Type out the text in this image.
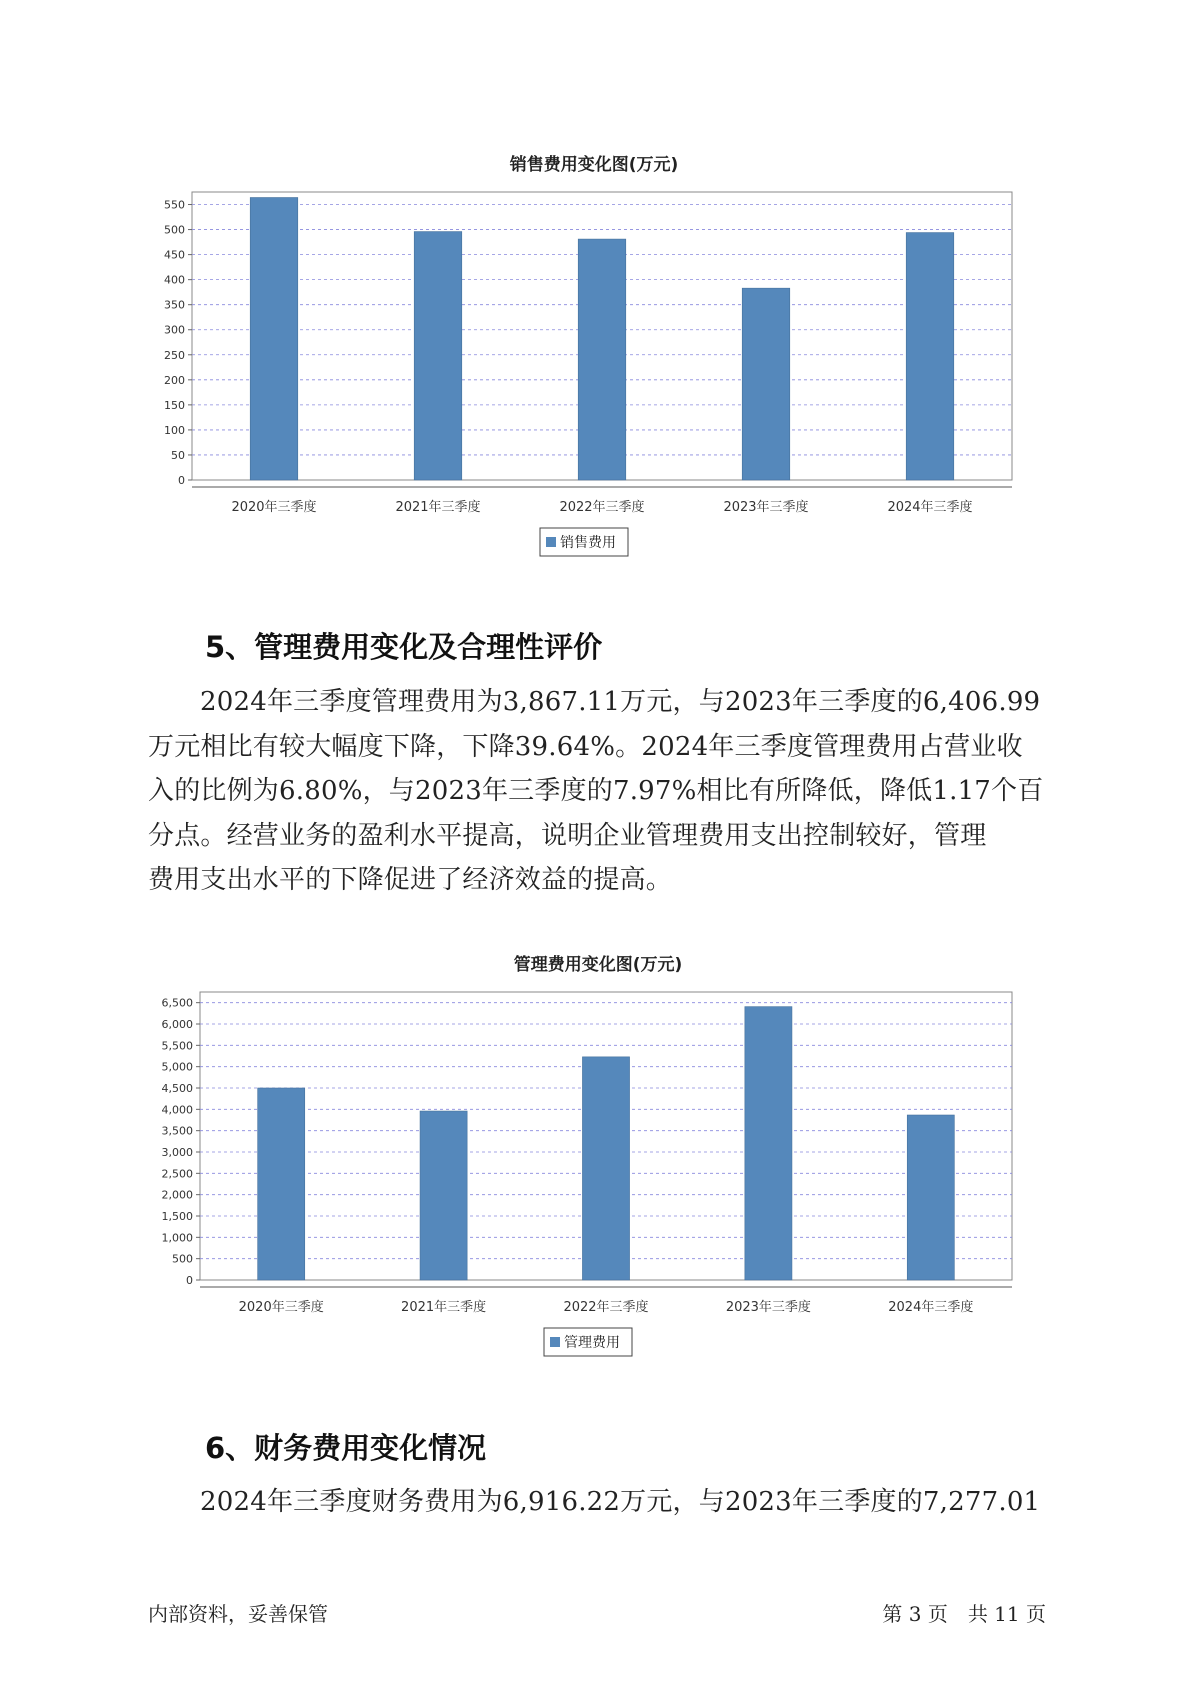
销售费用变化图(万元)
0
50
100
150
200
250
300
350
400
450
500
550
2020年三季度	2021年三季度	2022年三季度	2023年三季度	2024年三季度
销售费用
5、管理费用变化及合理性评价

2024年三季度管理费用为3,867.11万元，与2023年三季度的6,406.99

万元相比有较大幅度下降，下降39.64%。2024年三季度管理费用占营业收

入的比例为6.80%，与2023年三季度的7.97%相比有所降低，降低1.17个百

分点。经营业务的盈利水平提高，说明企业管理费用支出控制较好，管理

费用支出水平的下降促进了经济效益的提高。

管理费用变化图(万元)
0
500
1,000
1,500
2,000
2,500
3,000
3,500
4,000
4,500
5,000
5,500
6,000
6,500
2020年三季度	2021年三季度	2022年三季度	2023年三季度	2024年三季度
管理费用
6、财务费用变化情况

2024年三季度财务费用为6,916.22万元，与2023年三季度的7,277.01

内部资料，妥善保管	第 3 页　共 11 页
